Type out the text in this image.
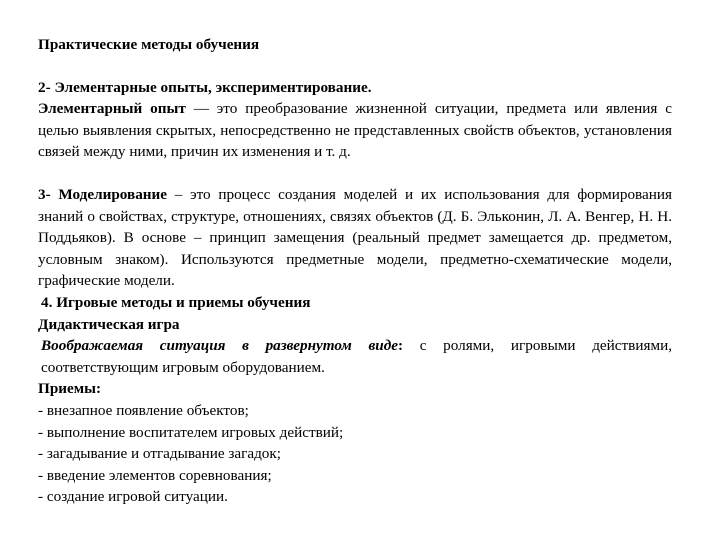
Практические методы обучения

2- Элементарные опыты, экспериментирование.

Элементарный опыт — это преобразование жизненной ситуации, предмета или явления с целью выявления скрытых, непосредственно не представленных свойств объектов, установления связей между ними, причин их изменения и т. д.

3- Моделирование – это процесс создания моделей и их использования для формирования знаний о свойствах, структуре, отношениях, связях объектов (Д. Б. Эльконин, Л. А. Венгер, Н. Н. Поддьяков). В основе – принцип замещения (реальный предмет замещается др. предметом, условным знаком). Используются предметные модели, предметно-схематические модели, графические модели.

4. Игровые методы и приемы обучения

Дидактическая игра

Воображаемая ситуация в развернутом виде: с ролями, игровыми действиями, соответствующим игровым оборудованием.

Приемы:

- внезапное появление объектов;

- выполнение воспитателем игровых действий;

- загадывание и отгадывание загадок;

- введение элементов соревнования;

- создание игровой ситуации.
